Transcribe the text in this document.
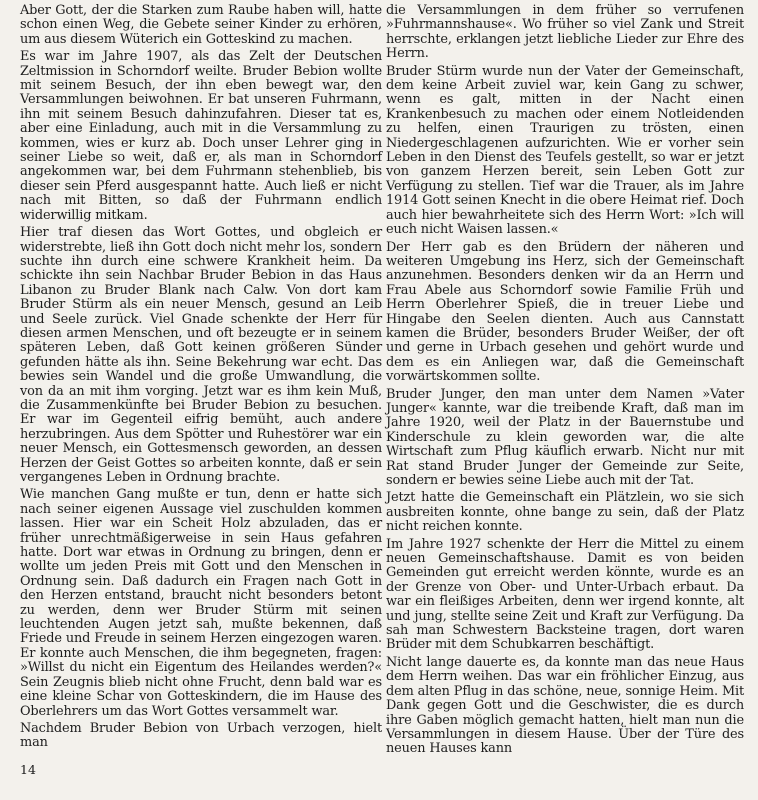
Aber Gott, der die Starken zum Raube haben will, hatte schon einen Weg, die Gebete seiner Kinder zu erhören, um aus diesem Wüterich ein Gotteskind zu machen.

Es war im Jahre 1907, als das Zelt der Deutschen Zeltmission in Schorndorf weilte. Bruder Bebion wollte mit seinem Besuch, der ihn eben bewegt war, den Versammlungen beiwohnen. Er bat unseren Fuhrmann, ihn mit seinem Besuch dahinzufahren. Dieser tat es, aber eine Einladung, auch mit in die Versammlung zu kommen, wies er kurz ab. Doch unser Lehrer ging in seiner Liebe so weit, daß er, als man in Schorndorf angekommen war, bei dem Fuhrmann stehenblieb, bis dieser sein Pferd ausgespannt hatte. Auch ließ er nicht nach mit Bitten, so daß der Fuhrmann endlich widerwillig mitkam.

Hier traf diesen das Wort Gottes, und obgleich er widerstrebte, ließ ihn Gott doch nicht mehr los, sondern suchte ihn durch eine schwere Krankheit heim. Da schickte ihn sein Nachbar Bruder Bebion in das Haus Libanon zu Bruder Blank nach Calw. Von dort kam Bruder Stürm als ein neuer Mensch, gesund an Leib und Seele zurück. Viel Gnade schenkte der Herr für diesen armen Menschen, und oft bezeugte er in seinem späteren Leben, daß Gott keinen größeren Sünder gefunden hätte als ihn. Seine Bekehrung war echt. Das bewies sein Wandel und die große Umwandlung, die von da an mit ihm vorging. Jetzt war es ihm kein Muß, die Zusammenkünfte bei Bruder Bebion zu besuchen. Er war im Gegenteil eifrig bemüht, auch andere herzubringen. Aus dem Spötter und Ruhestörer war ein neuer Mensch, ein Gottesmensch geworden, an dessen Herzen der Geist Gottes so arbeiten konnte, daß er sein vergangenes Leben in Ordnung brachte.

Wie manchen Gang mußte er tun, denn er hatte sich nach seiner eigenen Aussage viel zuschulden kommen lassen. Hier war ein Scheit Holz abzuladen, das er früher unrechtmäßigerweise in sein Haus gefahren hatte. Dort war etwas in Ordnung zu bringen, denn er wollte um jeden Preis mit Gott und den Menschen in Ordnung sein. Daß dadurch ein Fragen nach Gott in den Herzen entstand, braucht nicht besonders betont zu werden, denn wer Bruder Stürm mit seinen leuchtenden Augen jetzt sah, mußte bekennen, daß Friede und Freude in seinem Herzen eingezogen waren. Er konnte auch Menschen, die ihm begegneten, fragen: »Willst du nicht ein Eigentum des Heilandes werden?« Sein Zeugnis blieb nicht ohne Frucht, denn bald war es eine kleine Schar von Gotteskindern, die im Hause des Oberlehrers um das Wort Gottes versammelt war.

Nachdem Bruder Bebion von Urbach verzogen, hielt man

die Versammlungen in dem früher so verrufenen »Fuhrmannshause«. Wo früher so viel Zank und Streit herrschte, erklangen jetzt liebliche Lieder zur Ehre des Herrn.

Bruder Stürm wurde nun der Vater der Gemeinschaft, dem keine Arbeit zuviel war, kein Gang zu schwer, wenn es galt, mitten in der Nacht einen Krankenbesuch zu machen oder einem Notleidenden zu helfen, einen Traurigen zu trösten, einen Niedergeschlagenen aufzurichten. Wie er vorher sein Leben in den Dienst des Teufels gestellt, so war er jetzt von ganzem Herzen bereit, sein Leben Gott zur Verfügung zu stellen. Tief war die Trauer, als im Jahre 1914 Gott seinen Knecht in die obere Heimat rief. Doch auch hier bewahrheitete sich des Herrn Wort: »Ich will euch nicht Waisen lassen.«

Der Herr gab es den Brüdern der näheren und weiteren Umgebung ins Herz, sich der Gemeinschaft anzunehmen. Besonders denken wir da an Herrn und Frau Abele aus Schorndorf sowie Familie Früh und Herrn Oberlehrer Spieß, die in treuer Liebe und Hingabe den Seelen dienten. Auch aus Cannstatt kamen die Brüder, besonders Bruder Weißer, der oft und gerne in Urbach gesehen und gehört wurde und dem es ein Anliegen war, daß die Gemeinschaft vorwärtskommen sollte.

Bruder Junger, den man unter dem Namen »Vater Junger« kannte, war die treibende Kraft, daß man im Jahre 1920, weil der Platz in der Bauernstube und Kinderschule zu klein geworden war, die alte Wirtschaft zum Pflug käuflich erwarb. Nicht nur mit Rat stand Bruder Junger der Gemeinde zur Seite, sondern er bewies seine Liebe auch mit der Tat.

Jetzt hatte die Gemeinschaft ein Plätzlein, wo sie sich ausbreiten konnte, ohne bange zu sein, daß der Platz nicht reichen konnte.

Im Jahre 1927 schenkte der Herr die Mittel zu einem neuen Gemeinschaftshause. Damit es von beiden Gemeinden gut erreicht werden könnte, wurde es an der Grenze von Ober- und Unter-Urbach erbaut. Da war ein fleißiges Arbeiten, denn wer irgend konnte, alt und jung, stellte seine Zeit und Kraft zur Verfügung. Da sah man Schwestern Backsteine tragen, dort waren Brüder mit dem Schubkarren beschäftigt.

Nicht lange dauerte es, da konnte man das neue Haus dem Herrn weihen. Das war ein fröhlicher Einzug, aus dem alten Pflug in das schöne, neue, sonnige Heim. Mit Dank gegen Gott und die Geschwister, die es durch ihre Gaben möglich gemacht hatten, hielt man nun die Versammlungen in diesem Hause. Über der Türe des neuen Hauses kann

14
